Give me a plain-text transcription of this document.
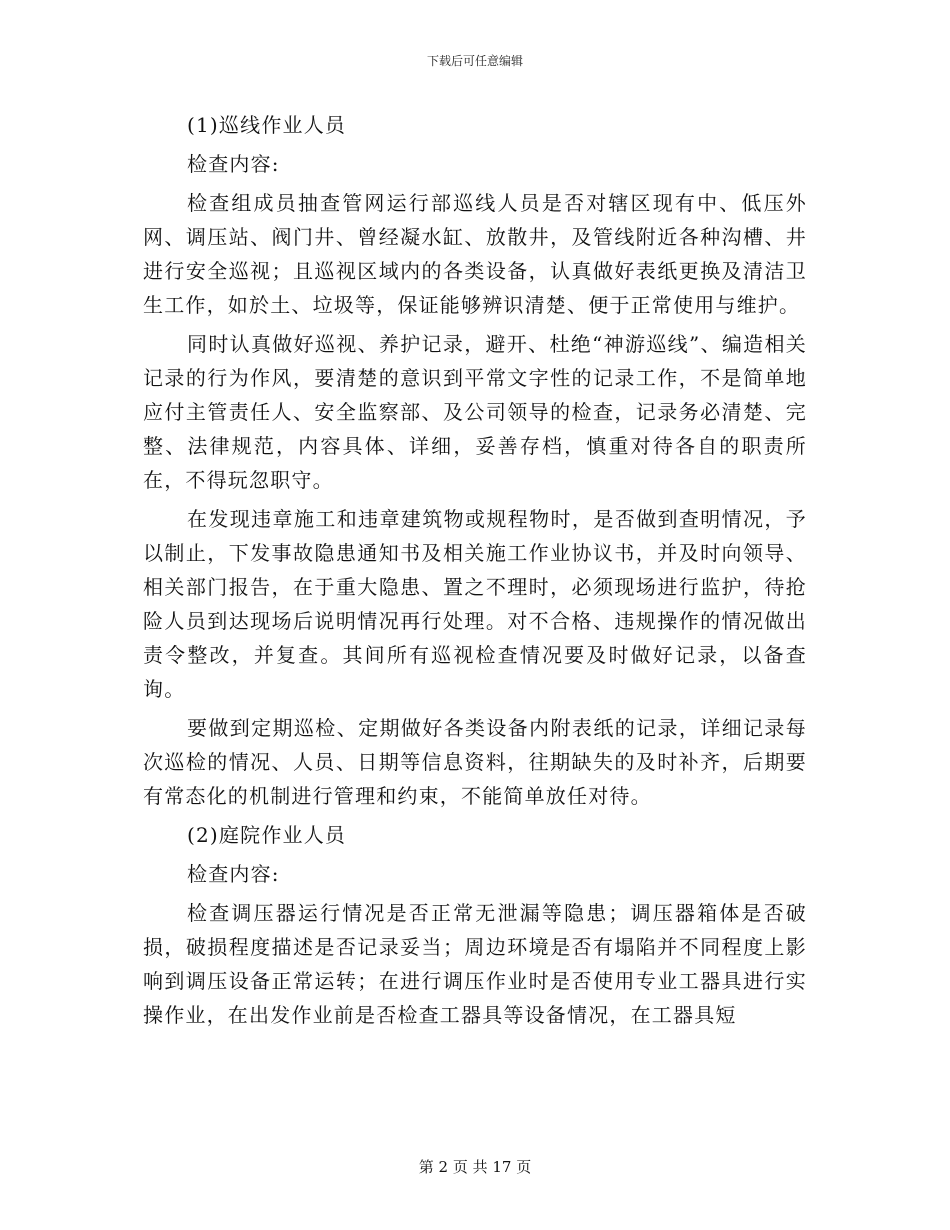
下载后可任意编辑
(1)巡线作业人员
检查内容:
检查组成员抽查管网运行部巡线人员是否对辖区现有中、低压外网、调压站、阀门井、曾经凝水缸、放散井，及管线附近各种沟槽、井进行安全巡视；且巡视区域内的各类设备，认真做好表纸更换及清洁卫生工作，如於土、垃圾等，保证能够辨识清楚、便于正常使用与维护。
同时认真做好巡视、养护记录，避开、杜绝“神游巡线”、编造相关记录的行为作风，要清楚的意识到平常文字性的记录工作，不是简单地应付主管责任人、安全监察部、及公司领导的检查，记录务必清楚、完整、法律规范，内容具体、详细，妥善存档，慎重对待各自的职责所在，不得玩忽职守。
在发现违章施工和违章建筑物或规程物时，是否做到查明情况，予以制止，下发事故隐患通知书及相关施工作业协议书，并及时向领导、相关部门报告，在于重大隐患、置之不理时，必须现场进行监护，待抢险人员到达现场后说明情况再行处理。对不合格、违规操作的情况做出责令整改，并复查。其间所有巡视检查情况要及时做好记录，以备查询。
要做到定期巡检、定期做好各类设备内附表纸的记录，详细记录每次巡检的情况、人员、日期等信息资料，往期缺失的及时补齐，后期要有常态化的机制进行管理和约束，不能简单放任对待。
(2)庭院作业人员
检查内容:
检查调压器运行情况是否正常无泄漏等隐患；调压器箱体是否破损，破损程度描述是否记录妥当；周边环境是否有塌陷并不同程度上影响到调压设备正常运转；在进行调压作业时是否使用专业工器具进行实操作业，在出发作业前是否检查工器具等设备情况，在工器具短
第 2 页 共 17 页
